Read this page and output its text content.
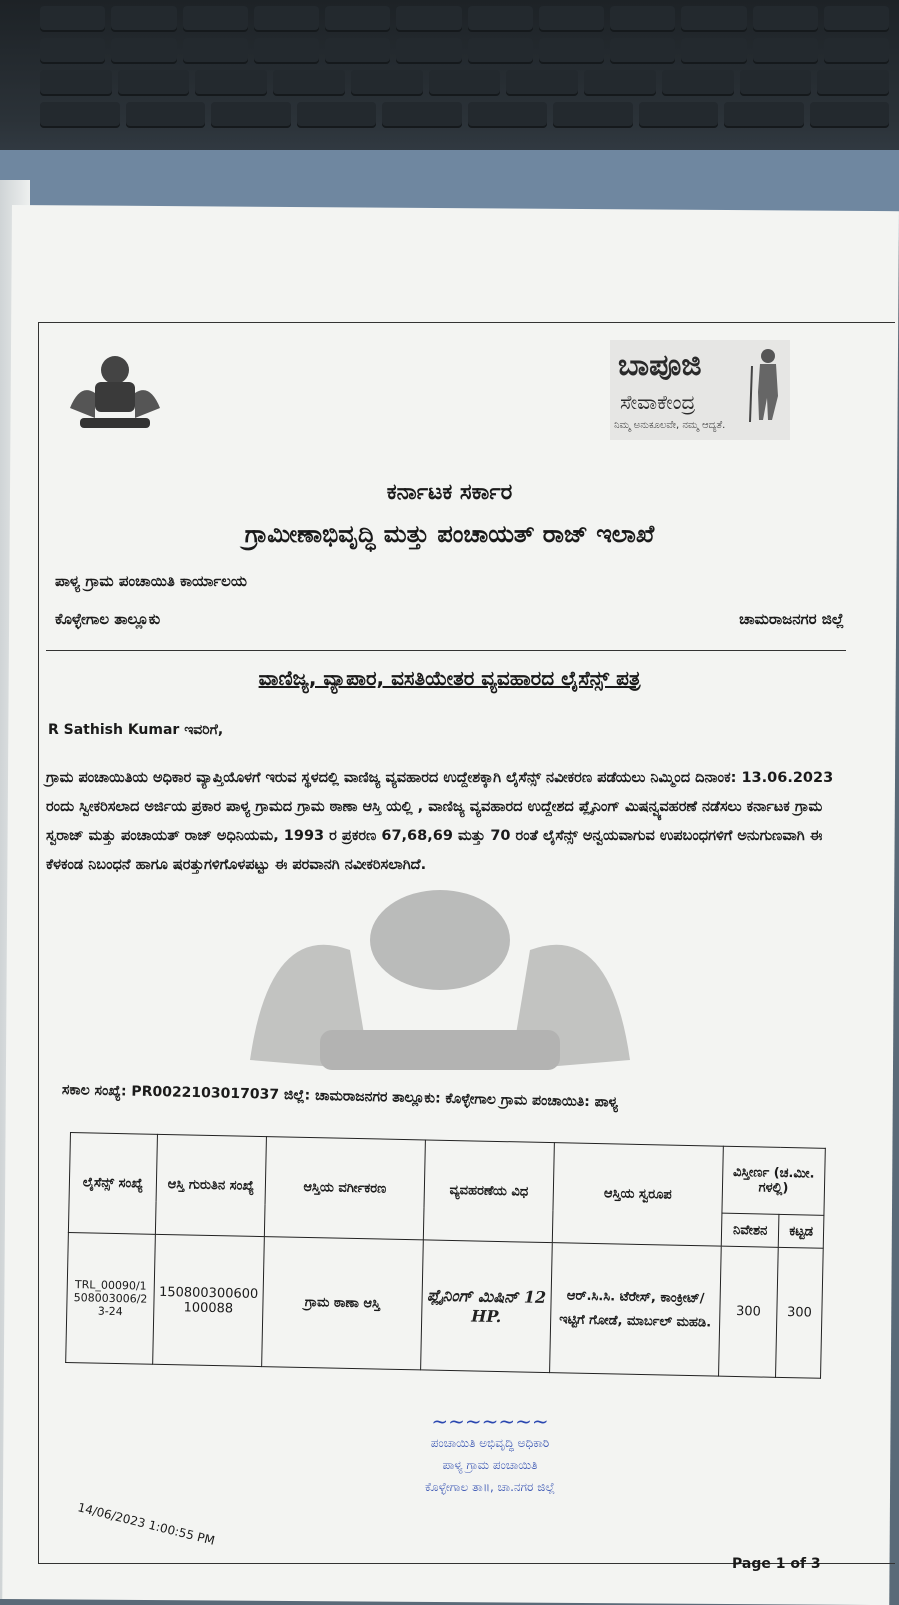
ಬಾಪೂಜಿ
ಸೇವಾಕೇಂದ್ರ
ನಿಮ್ಮ ಅನುಕೂಲವೇ, ನಮ್ಮ ಆದ್ಯತೆ.
ಕರ್ನಾಟಕ ಸರ್ಕಾರ
ಗ್ರಾಮೀಣಾಭಿವೃದ್ಧಿ ಮತ್ತು ಪಂಚಾಯತ್ ರಾಜ್ ಇಲಾಖೆ
ಪಾಳ್ಯ ಗ್ರಾಮ ಪಂಚಾಯಿತಿ ಕಾರ್ಯಾಲಯ
ಕೊಳ್ಳೇಗಾಲ ತಾಲ್ಲೂಕು	ಚಾಮರಾಜನಗರ ಜಿಲ್ಲೆ
ವಾಣಿಜ್ಯ, ವ್ಯಾಪಾರ, ವಸತಿಯೇತರ ವ್ಯವಹಾರದ ಲೈಸೆನ್ಸ್ ಪತ್ರ
R Sathish Kumar ಇವರಿಗೆ,
ಗ್ರಾಮ ಪಂಚಾಯಿತಿಯ ಅಧಿಕಾರ ವ್ಯಾಪ್ತಿಯೊಳಗೆ ಇರುವ ಸ್ಥಳದಲ್ಲಿ ವಾಣಿಜ್ಯ ವ್ಯವಹಾರದ ಉದ್ದೇಶಕ್ಕಾಗಿ ಲೈಸೆನ್ಸ್ ನವೀಕರಣ ಪಡೆಯಲು ನಿಮ್ಮಿಂದ ದಿನಾಂಕ: 13.06.2023 ರಂದು ಸ್ವೀಕರಿಸಲಾದ ಅರ್ಜಿಯ ಪ್ರಕಾರ ಪಾಳ್ಯ ಗ್ರಾಮದ ಗ್ರಾಮ ಠಾಣಾ ಆಸ್ತಿ ಯಲ್ಲಿ , ವಾಣಿಜ್ಯ ವ್ಯವಹಾರದ ಉದ್ದೇಶದ ಪ್ಲೈನಿಂಗ್ ಮಿಷನ್ವ್ಯವಹರಣೆ ನಡೆಸಲು ಕರ್ನಾಟಕ ಗ್ರಾಮ ಸ್ವರಾಜ್ ಮತ್ತು ಪಂಚಾಯತ್ ರಾಜ್ ಅಧಿನಿಯಮ, 1993 ರ ಪ್ರಕರಣ 67,68,69 ಮತ್ತು 70 ರಂತೆ ಲೈಸೆನ್ಸ್ ಅನ್ವಯವಾಗುವ ಉಪಬಂಧಗಳಿಗೆ ಅನುಗುಣವಾಗಿ ಈ ಕೆಳಕಂಡ ನಿಬಂಧನೆ ಹಾಗೂ ಷರತ್ತುಗಳಿಗೊಳಪಟ್ಟು ಈ ಪರವಾನಗಿ ನವೀಕರಿಸಲಾಗಿದೆ.
ಸಕಾಲ ಸಂಖ್ಯೆ: PR0022103017037 ಜಿಲ್ಲೆ: ಚಾಮರಾಜನಗರ ತಾಲ್ಲೂಕು: ಕೊಳ್ಳೇಗಾಲ ಗ್ರಾಮ ಪಂಚಾಯಿತಿ: ಪಾಳ್ಯ
ಲೈಸೆನ್ಸ್ ಸಂಖ್ಯೆ	ಆಸ್ತಿ ಗುರುತಿನ ಸಂಖ್ಯೆ	ಆಸ್ತಿಯ ವರ್ಗೀಕರಣ	ವ್ಯವಹರಣೆಯ ವಿಧ	ಆಸ್ತಿಯ ಸ್ವರೂಪ	ವಿಸ್ತೀರ್ಣ (ಚ.ಮೀ. ಗಳಲ್ಲಿ)	
					ನಿವೇಶನ	ಕಟ್ಟಡ
TRL_00090/1508003006/23-24	150800300600100088	ಗ್ರಾಮ ಠಾಣಾ ಆಸ್ತಿ	ಪ್ಲೈನಿಂಗ್ ಮಿಷಿನ್ 12 HP.	ಆರ್.ಸಿ.ಸಿ. ಟೆರೇಸ್, ಕಾಂಕ್ರೀಟ್/ಇಟ್ಟಿಗೆ ಗೋಡೆ, ಮಾರ್ಬಲ್ ಮಹಡಿ.	300	300
~~~~~~~
ಪಂಚಾಯಿತಿ ಅಭಿವೃದ್ಧಿ ಅಧಿಕಾರಿ
ಪಾಳ್ಯ ಗ್ರಾಮ ಪಂಚಾಯಿತಿ
ಕೊಳ್ಳೇಗಾಲ ತಾ॥, ಚಾ.ನಗರ ಜಿಲ್ಲೆ
14/06/2023 1:00:55 PM
Page 1 of 3
